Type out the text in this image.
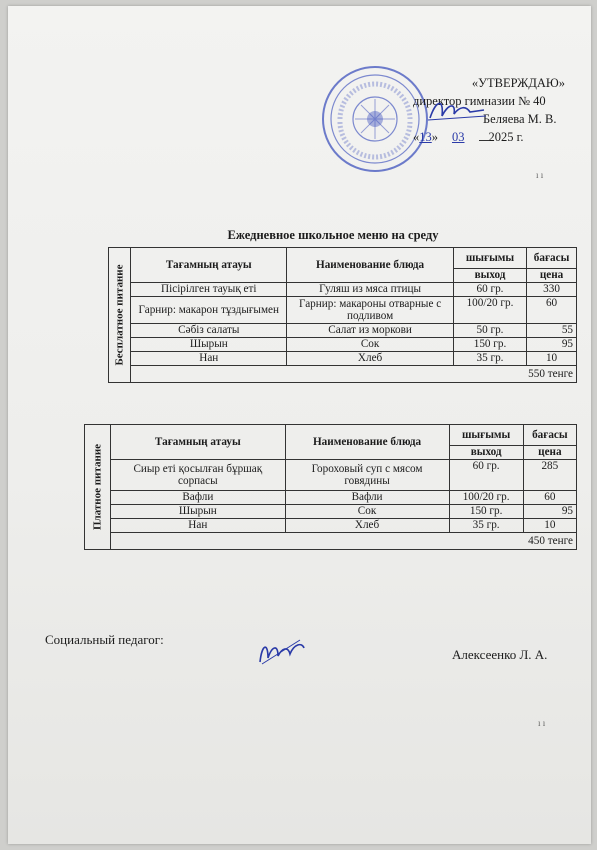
«УТВЕРЖДАЮ»
директор гимназии № 40
Беляева М. В.
«13» 03 2025 г.
Ежедневное школьное меню на среду
Бесплатное питание	Тағамның атауы	Наименование блюда	шығымы	бағасы
			выход	цена
	Пісірілген тауық еті	Гуляш из мяса птицы	60 гр.	330
	Гарнир: макарон тұздығымен	Гарнир: макароны отварные с подливом	100/20 гр.	60
	Сәбіз салаты	Салат из моркови	50 гр.	55
	Шырын	Сок	150 гр.	95
	Нан	Хлеб	35 гр.	10
	550 тенге			
Платное питание	Тағамның атауы	Наименование блюда	шығымы	бағасы
			выход	цена
	Сиыр еті қосылған бұршақ сорпасы	Гороховый суп с мясом говядины	60 гр.	285
	Вафли	Вафли	100/20 гр.	60
	Шырын	Сок	150 гр.	95
	Нан	Хлеб	35 гр.	10
	450 тенге			
Социальный педагог:
Алексеенко Л. А.
ı ı
ı ı
